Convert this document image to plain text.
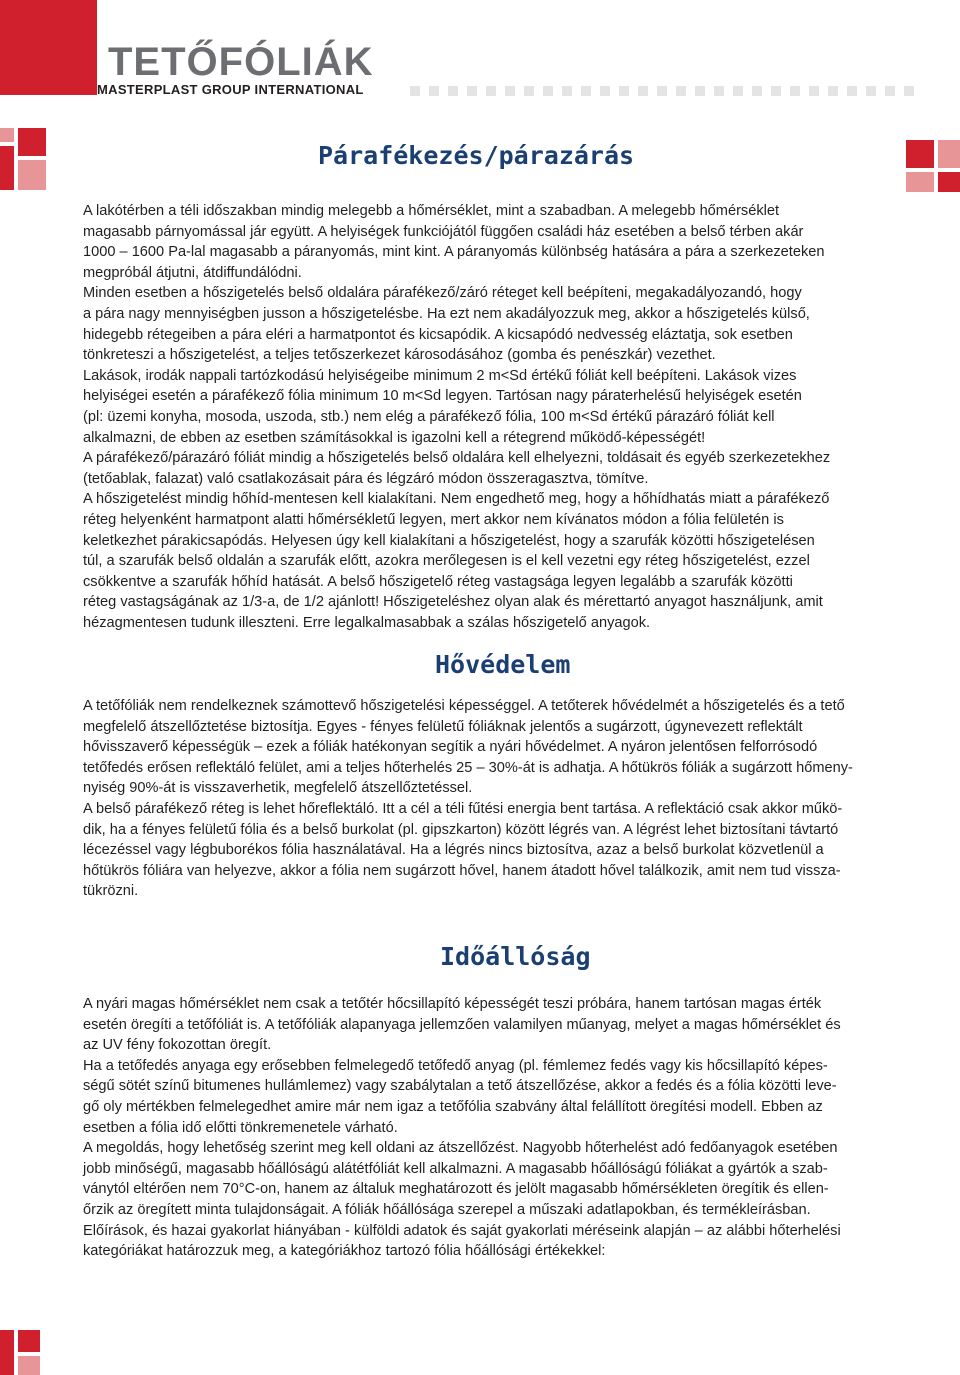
TETŐFÓLIÁK
4 MASTERPLAST GROUP INTERNATIONAL
Párafékezés/párazárás

A lakótérben a téli időszakban mindig melegebb a hőmérséklet, mint a szabadban. A melegebb hőmérséklet
magasabb párnyomással jár együtt. A helyiségek funkciójától függően családi ház esetében a belső térben akár
1000 – 1600 Pa-lal magasabb a páranyomás, mint kint. A páranyomás különbség hatására a pára a szerkezeteken
megpróbál átjutni, átdiffundálódni.

Minden esetben a hőszigetelés belső oldalára párafékező/záró réteget kell beépíteni, megakadályozandó, hogy
a pára nagy mennyiségben jusson a hőszigetelésbe. Ha ezt nem akadályozzuk meg, akkor a hőszigetelés külső,
hidegebb rétegeiben a pára eléri a harmatpontot és kicsapódik. A kicsapódó nedvesség eláztatja, sok esetben
tönkreteszi a hőszigetelést, a teljes tetőszerkezet károsodásához (gomba és penészkár) vezethet.

Lakások, irodák nappali tartózkodású helyiségeibe minimum 2 m<Sd értékű fóliát kell beépíteni. Lakások vizes
helyiségei esetén a párafékező fólia minimum 10 m<Sd legyen. Tartósan nagy páraterhelésű helyiségek esetén
(pl: üzemi konyha, mosoda, uszoda, stb.) nem elég a párafékező fólia, 100 m<Sd értékű párazáró fóliát kell
alkalmazni, de ebben az esetben számításokkal is igazolni kell a rétegrend működő-képességét!

A párafékező/párazáró fóliát mindig a hőszigetelés belső oldalára kell elhelyezni, toldásait és egyéb szerkezetekhez
(tetőablak, falazat) való csatlakozásait pára és légzáró módon összeragasztva, tömítve.

A hőszigetelést mindig hőhíd-mentesen kell kialakítani. Nem engedhető meg, hogy a hőhídhatás miatt a párafékező
réteg helyenként harmatpont alatti hőmérsékletű legyen, mert akkor nem kívánatos módon a fólia felületén is
keletkezhet párakicsapódás. Helyesen úgy kell kialakítani a hőszigetelést, hogy a szarufák közötti hőszigetelésen
túl, a szarufák belső oldalán a szarufák előtt, azokra merőlegesen is el kell vezetni egy réteg hőszigetelést, ezzel
csökkentve a szarufák hőhíd hatását. A belső hőszigetelő réteg vastagsága legyen legalább a szarufák közötti
réteg vastagságának az 1/3-a, de 1/2 ajánlott! Hőszigeteléshez olyan alak és mérettartó anyagot használjunk, amit
hézagmentesen tudunk illeszteni. Erre legalkalmasabbak a szálas hőszigetelő anyagok.

Hővédelem

A tetőfóliák nem rendelkeznek számottevő hőszigetelési képességgel. A tetőterek hővédelmét a hőszigetelés és a tető
megfelelő átszellőztetése biztosítja. Egyes - fényes felületű fóliáknak jelentős a sugárzott, úgynevezett reflektált
hővisszaverő képességük – ezek a fóliák hatékonyan segítik a nyári hővédelmet. A nyáron jelentősen felforrósodó
tetőfedés erősen reflektáló felület, ami a teljes hőterhelés 25 – 30%-át is adhatja. A hőtükrös fóliák a sugárzott hőmeny-
nyiség 90%-át is visszaverhetik, megfelelő átszellőztetéssel.

A belső párafékező réteg is lehet hőreflektáló. Itt a cél a téli fűtési energia bent tartása. A reflektáció csak akkor műkö-
dik, ha a fényes felületű fólia és a belső burkolat (pl. gipszkarton) között légrés van. A légrést lehet biztosítani távtartó
lécezéssel vagy légbuborékos fólia használatával. Ha a légrés nincs biztosítva, azaz a belső burkolat közvetlenül a
hőtükrös fóliára van helyezve, akkor a fólia nem sugárzott hővel, hanem átadott hővel találkozik, amit nem tud vissza-
tükrözni.

Időállóság

A nyári magas hőmérséklet nem csak a tetőtér hőcsillapító képességét teszi próbára, hanem tartósan magas érték
esetén öregíti a tetőfóliát is. A tetőfóliák alapanyaga jellemzően valamilyen műanyag, melyet a magas hőmérséklet és
az UV fény fokozottan öregít.

Ha a tetőfedés anyaga egy erősebben felmelegedő tetőfedő anyag (pl. fémlemez fedés vagy kis hőcsillapító képes-
ségű sötét színű bitumenes hullámlemez) vagy szabálytalan a tető átszellőzése, akkor a fedés és a fólia közötti leve-
gő oly mértékben felmelegedhet amire már nem igaz a tetőfólia szabvány által felállított öregítési modell. Ebben az
esetben a fólia idő előtti tönkremenetele várható.

A megoldás, hogy lehetőség szerint meg kell oldani az átszellőzést. Nagyobb hőterhelést adó fedőanyagok esetében
jobb minőségű, magasabb hőállóságú alátétfóliát kell alkalmazni. A magasabb hőállóságú fóliákat a gyártók a szab-
ványtól eltérően nem 70°C-on, hanem az általuk meghatározott és jelölt magasabb hőmérsékleten öregítik és ellen-
őrzik az öregített minta tulajdonságait. A fóliák hőállósága szerepel a műszaki adatlapokban, és termékleírásban.

Előírások, és hazai gyakorlat hiányában - külföldi adatok és saját gyakorlati méréseink alapján – az alábbi hőterhelési
kategóriákat határozzuk meg, a kategóriákhoz tartozó fólia hőállósági értékekkel:
